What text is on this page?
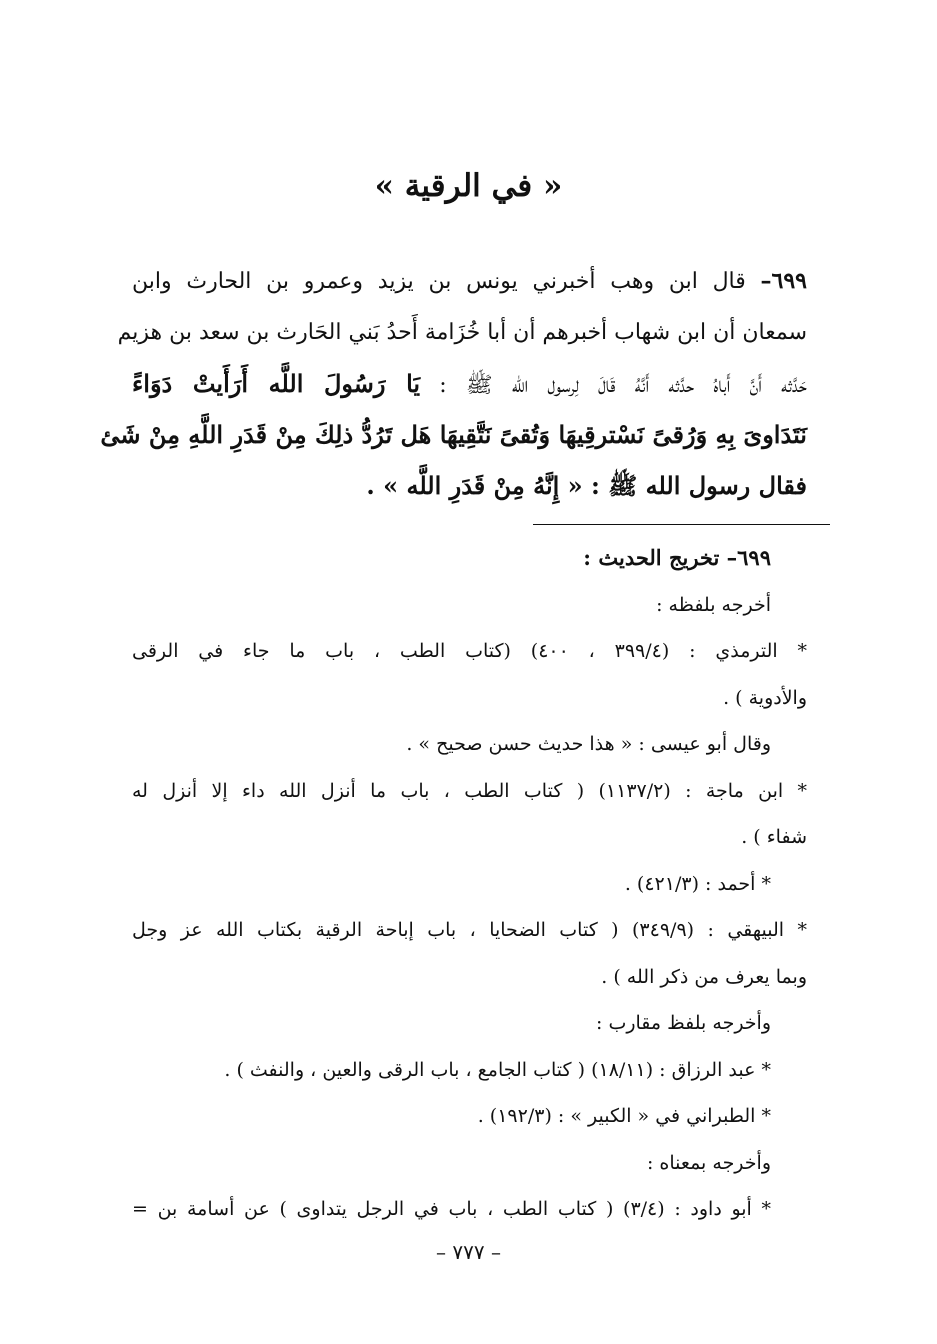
« في الرقية »
٦٩٩– قال ابن وهب أخبرني يونس بن يزيد وعمرو بن الحارث وابن
سمعان أن ابن شهاب أخبرهم أن أبا خُزَامة أَحدُ بَني الحَارث بن سعد بن هزيم
حَدَّثه أَنَّ أَباهُ حدَّثه أَنَّهُ قَالَ لِرسول الله ﷺ : يَا رَسُولَ اللَّه أَرَأَيتْ دَوَاءً
نَتَدَاوىَ بِهِ وَرُقىً نَسْترقِيهَا وَتُقىً نَتَّقِيهَا هَل تَرُدُّ ذلِكَ مِنْ قَدَرِ اللَّهِ مِنْ شَئ
فقال رسول الله ﷺ : « إِنَّهُ مِنْ قَدَرِ اللَّه » .
٦٩٩– تخريج الحديث :
أخرجه بلفظه :
* الترمذي : (٣٩٩/٤ ، ٤٠٠) (كتاب الطب ، باب ما جاء في الرقى
والأدوية ) .
وقال أبو عيسى : « هذا حديث حسن صحيح » .
* ابن ماجة : (١١٣٧/٢) ( كتاب الطب ، باب ما أنزل الله داء إلا أنزل له
شفاء ) .
* أحمد : (٤٢١/٣) .
* البيهقي : (٣٤٩/٩) ( كتاب الضحايا ، باب إباحة الرقية بكتاب الله عز وجل
وبما يعرف من ذكر الله ) .
وأخرجه بلفظ مقارب :
* عبد الرزاق : (١٨/١١) ( كتاب الجامع ، باب الرقى والعين ، والنفث ) .
* الطبراني في « الكبير » : (١٩٢/٣) .
وأخرجه بمعناه :
* أبو داود : (٣/٤) ( كتاب الطب ، باب في الرجل يتداوى ) عن أسامة بن =
– ٧٧٧ –
